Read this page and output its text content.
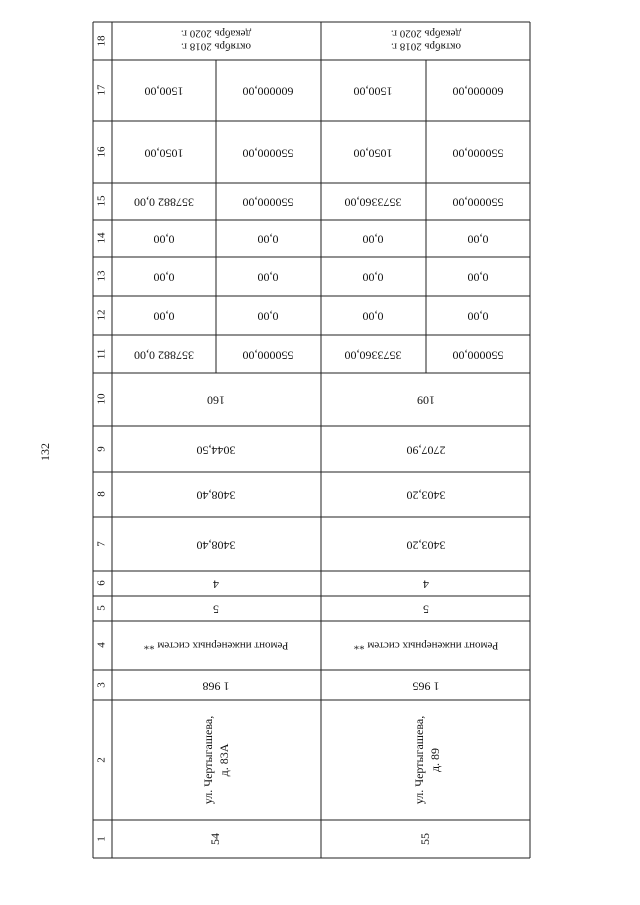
132
1
2
3
4
5
6
7
8
9
10
11
12
13
14
15
16
17
18
54
ул. Чертыгашева, д. 83А
1 968
Ремонт инженерных систем **
5
4
3408,40
3408,40
3044,50
160
550000,00
357882 0,00
0,00
0,00
0,00
0,00
0,00
0,00
550000,00
357882 0,00
550000,00
1050,00
600000,00
1500,00
октябрь 2018 г.
декабрь 2020 г.
55
ул. Чертыгашева, д. 89
1 965
Ремонт инженерных систем **
5
4
3403,20
3403,20
2707,90
109
550000,00
3573360,00
0,00
0,00
0,00
0,00
0,00
0,00
550000,00
3573360,00
550000,00
1050,00
600000,00
1500,00
октябрь 2018 г.
декабрь 2020 г.
